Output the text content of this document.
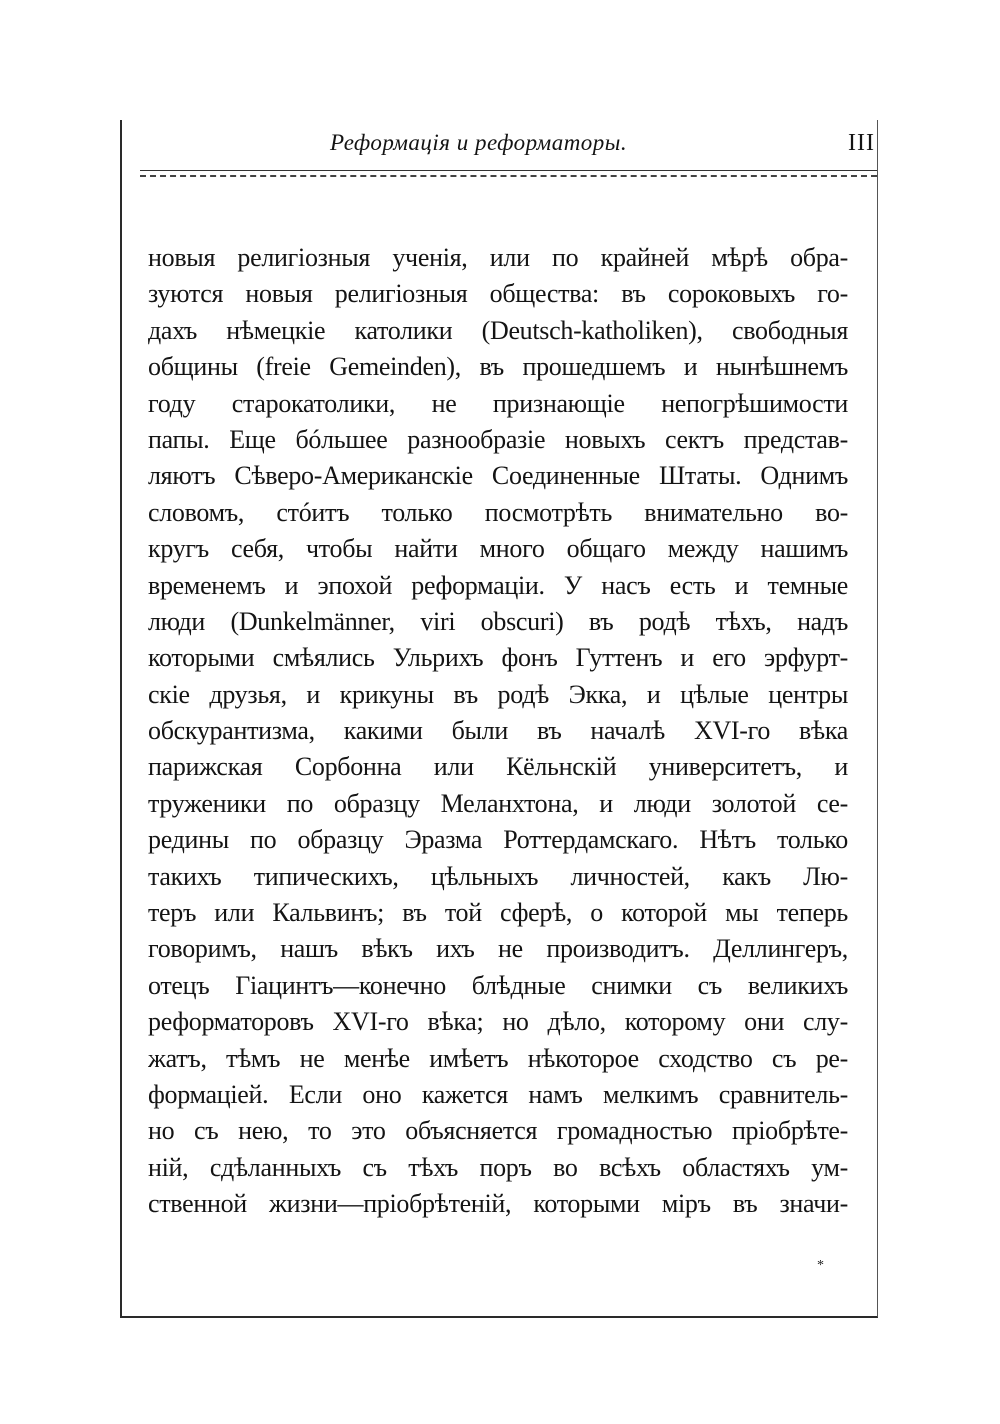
Реформація и реформаторы.	III
новыя религіозныя ученія, или по крайней мѣрѣ обра-
зуются новыя религіозныя общества: въ сороковыхъ го-
дахъ нѣмецкіе католики (Deutsch-katholiken), свободныя
общины (freie Gemeinden), въ прошедшемъ и нынѣшнемъ
году старокатолики, не признающіе непогрѣшимости
папы. Еще бóльшее разнообразіе новыхъ сектъ представ-
ляютъ Сѣверо-Американскіе Соединенные Штаты. Однимъ
словомъ, стóитъ только посмотрѣть внимательно во-
кругъ себя, чтобы найти много общаго между нашимъ
временемъ и эпохой реформаціи. У насъ есть и темные
люди (Dunkelmänner, viri obscuri) въ родѣ тѣхъ, надъ
которыми смѣялись Ульрихъ фонъ Гуттенъ и его эрфурт-
скіе друзья, и крикуны въ родѣ Экка, и цѣлые центры
обскурантизма, какими были въ началѣ XVI-го вѣка
парижская Сорбонна или Кёльнскій университетъ, и
труженики по образцу Меланхтона, и люди золотой се-
редины по образцу Эразма Роттердамскаго. Нѣтъ только
такихъ типическихъ, цѣльныхъ личностей, какъ Лю-
теръ или Кальвинъ; въ той сферѣ, о которой мы теперь
говоримъ, нашъ вѣкъ ихъ не производитъ. Деллингеръ,
отецъ Гіацинтъ—конечно блѣдные снимки съ великихъ
реформаторовъ XVI-го вѣка; но дѣло, которому они слу-
жатъ, тѣмъ не менѣе имѣетъ нѣкоторое сходство съ ре-
формаціей. Если оно кажется намъ мелкимъ сравнитель-
но съ нею, то это объясняется громадностью пріобрѣте-
ній, сдѣланныхъ съ тѣхъ поръ во всѣхъ областяхъ ум-
ственной жизни—пріобрѣтеній, которыми міръ въ значи-
*
